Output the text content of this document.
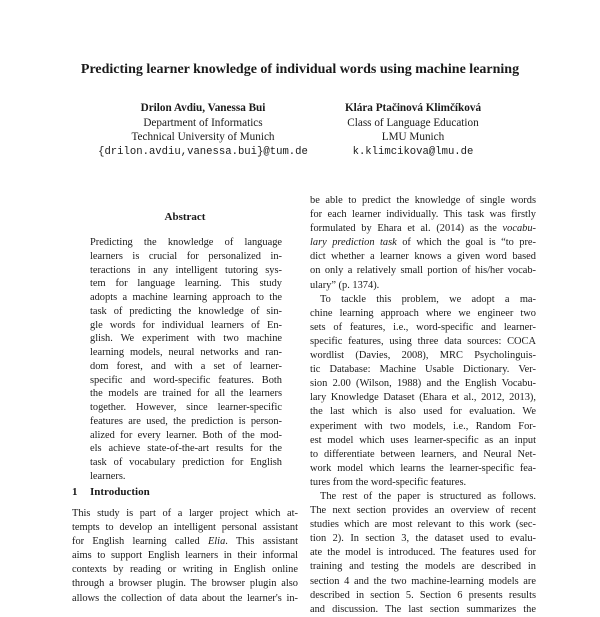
Predicting learner knowledge of individual words using machine learning
Drilon Avdiu, Vanessa Bui
Department of Informatics
Technical University of Munich
{drilon.avdiu,vanessa.bui}@tum.de
Klára Ptačinová Klimčíková
Class of Language Education
LMU Munich
k.klimcikova@lmu.de
Abstract
Predicting the knowledge of language
learners is crucial for personalized in-
teractions in any intelligent tutoring sys-
tem for language learning. This study
adopts a machine learning approach to the
task of predicting the knowledge of sin-
gle words for individual learners of En-
glish. We experiment with two machine
learning models, neural networks and ran-
dom forest, and with a set of learner-
specific and word-specific features. Both
the models are trained for all the learners
together. However, since learner-specific
features are used, the prediction is person-
alized for every learner. Both of the mod-
els achieve state-of-the-art results for the
task of vocabulary prediction for English
learners.
1 Introduction
This study is part of a larger project which at-
tempts to develop an intelligent personal assistant
for English learning called Elia. This assistant
aims to support English learners in their informal
contexts by reading or writing in English online
through a browser plugin. The browser plugin also
allows the collection of data about the learner's in-
be able to predict the knowledge of single words
for each learner individually. This task was firstly
formulated by Ehara et al. (2014) as the vocabu-
lary prediction task of which the goal is “to pre-
dict whether a learner knows a given word based
on only a relatively small portion of his/her vocab-
ulary” (p. 1374).
To tackle this problem, we adopt a ma-
chine learning approach where we engineer two
sets of features, i.e., word-specific and learner-
specific features, using three data sources: COCA
wordlist (Davies, 2008), MRC Psycholinguis-
tic Database: Machine Usable Dictionary. Ver-
sion 2.00 (Wilson, 1988) and the English Vocabu-
lary Knowledge Dataset (Ehara et al., 2012, 2013),
the last which is also used for evaluation. We
experiment with two models, i.e., Random For-
est model which uses learner-specific as an input
to differentiate between learners, and Neural Net-
work model which learns the learner-specific fea-
tures from the word-specific features.
The rest of the paper is structured as follows.
The next section provides an overview of recent
studies which are most relevant to this work (sec-
tion 2). In section 3, the dataset used to evalu-
ate the model is introduced. The features used for
training and testing the models are described in
section 4 and the two machine-learning models are
described in section 5. Section 6 presents results
and discussion. The last section summarizes the
